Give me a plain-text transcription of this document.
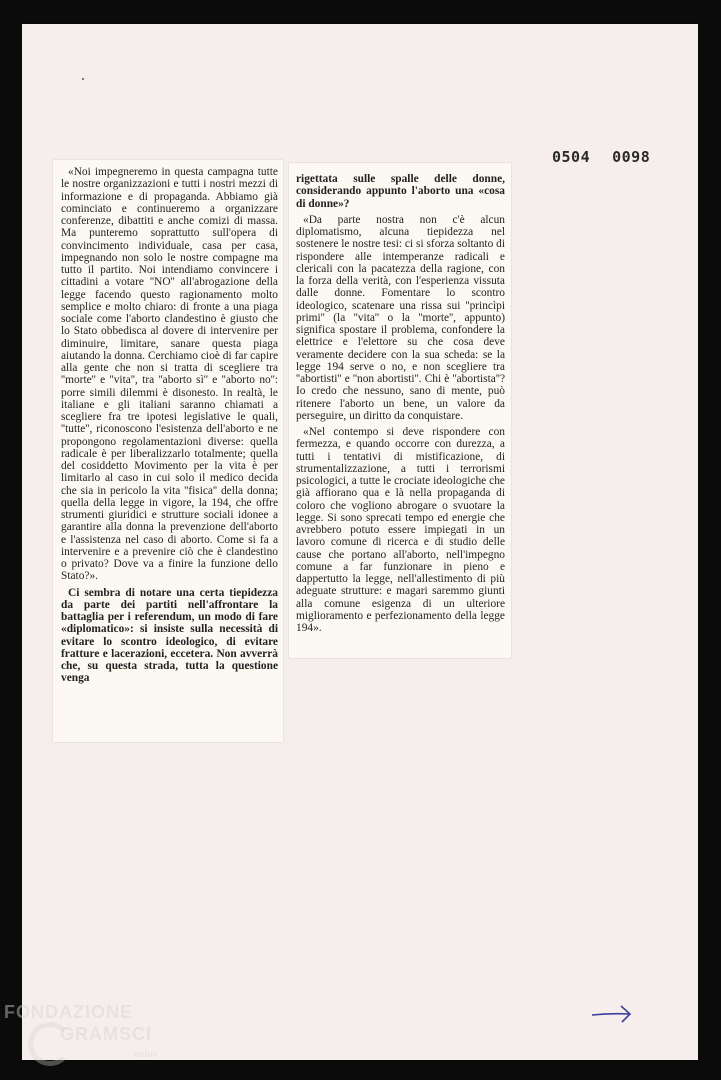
0504 0098

«Noi impegneremo in questa campagna tutte le nostre organizzazioni e tutti i nostri mezzi di informazione e di propaganda. Abbiamo già cominciato e continueremo a organizzare conferenze, dibattiti e anche comizi di massa. Ma punteremo soprattutto sull'opera di convincimento individuale, casa per casa, impegnando non solo le nostre compagne ma tutto il partito. Noi intendiamo convincere i cittadini a votare ''NO'' all'abrogazione della legge facendo questo ragionamento molto semplice e molto chiaro: di fronte a una piaga sociale come l'aborto clandestino è giusto che lo Stato obbedisca al dovere di intervenire per diminuire, limitare, sanare questa piaga aiutando la donna. Cerchiamo cioè di far capire alla gente che non si tratta di scegliere tra ''morte'' e ''vita'', tra ''aborto sì'' e ''aborto no'': porre simili dilemmi è disonesto. In realtà, le italiane e gli italiani saranno chiamati a scegliere fra tre ipotesi legislative le quali, ''tutte'', riconoscono l'esistenza dell'aborto e ne propongono regolamentazioni diverse: quella radicale è per liberalizzarlo totalmente; quella del cosiddetto Movimento per la vita è per limitarlo al caso in cui solo il medico decida che sia in pericolo la vita ''fisica'' della donna; quella della legge in vigore, la 194, che offre strumenti giuridici e strutture sociali idonee a garantire alla donna la prevenzione dell'aborto e l'assistenza nel caso di aborto. Come si fa a intervenire e a prevenire ciò che è clandestino o privato? Dove va a finire la funzione dello Stato?».

Ci sembra di notare una certa tiepidezza da parte dei partiti nell'affrontare la battaglia per i referendum, un modo di fare «diplomatico»: si insiste sulla necessità di evitare lo scontro ideologico, di evitare fratture e lacerazioni, eccetera. Non avverrà che, su questa strada, tutta la questione venga

rigettata sulle spalle delle donne, considerando appunto l'aborto una «cosa di donne»?

«Da parte nostra non c'è alcun diplomatismo, alcuna tiepidezza nel sostenere le nostre tesi: ci si sforza soltanto di rispondere alle intemperanze radicali e clericali con la pacatezza della ragione, con la forza della verità, con l'esperienza vissuta dalle donne. Fomentare lo scontro ideologico, scatenare una rissa sui ''princìpi primi'' (la ''vita'' o la ''morte'', appunto) significa spostare il problema, confondere la elettrice e l'elettore su che cosa deve veramente decidere con la sua scheda: se la legge 194 serve o no, e non scegliere tra ''abortisti'' e ''non abortisti''. Chi è ''abortista''? Io credo che nessuno, sano di mente, può ritenere l'aborto un bene, un valore da perseguire, un diritto da conquistare.

«Nel contempo si deve rispondere con fermezza, e quando occorre con durezza, a tutti i tentativi di mistificazione, di strumentalizzazione, a tutti i terrorismi psicologici, a tutte le crociate ideologiche che già affiorano qua e là nella propaganda di coloro che vogliono abrogare o svuotare la legge. Si sono sprecati tempo ed energie che avrebbero potuto essere impiegati in un lavoro comune di ricerca e di studio delle cause che portano all'aborto, nell'impegno comune a far funzionare in pieno e dappertutto la legge, nell'allestimento di più adeguate strutture: e magari saremmo giunti alla comune esigenza di un ulteriore miglioramento e perfezionamento della legge 194».

FONDAZIONE
GRAMSCI
onlus
